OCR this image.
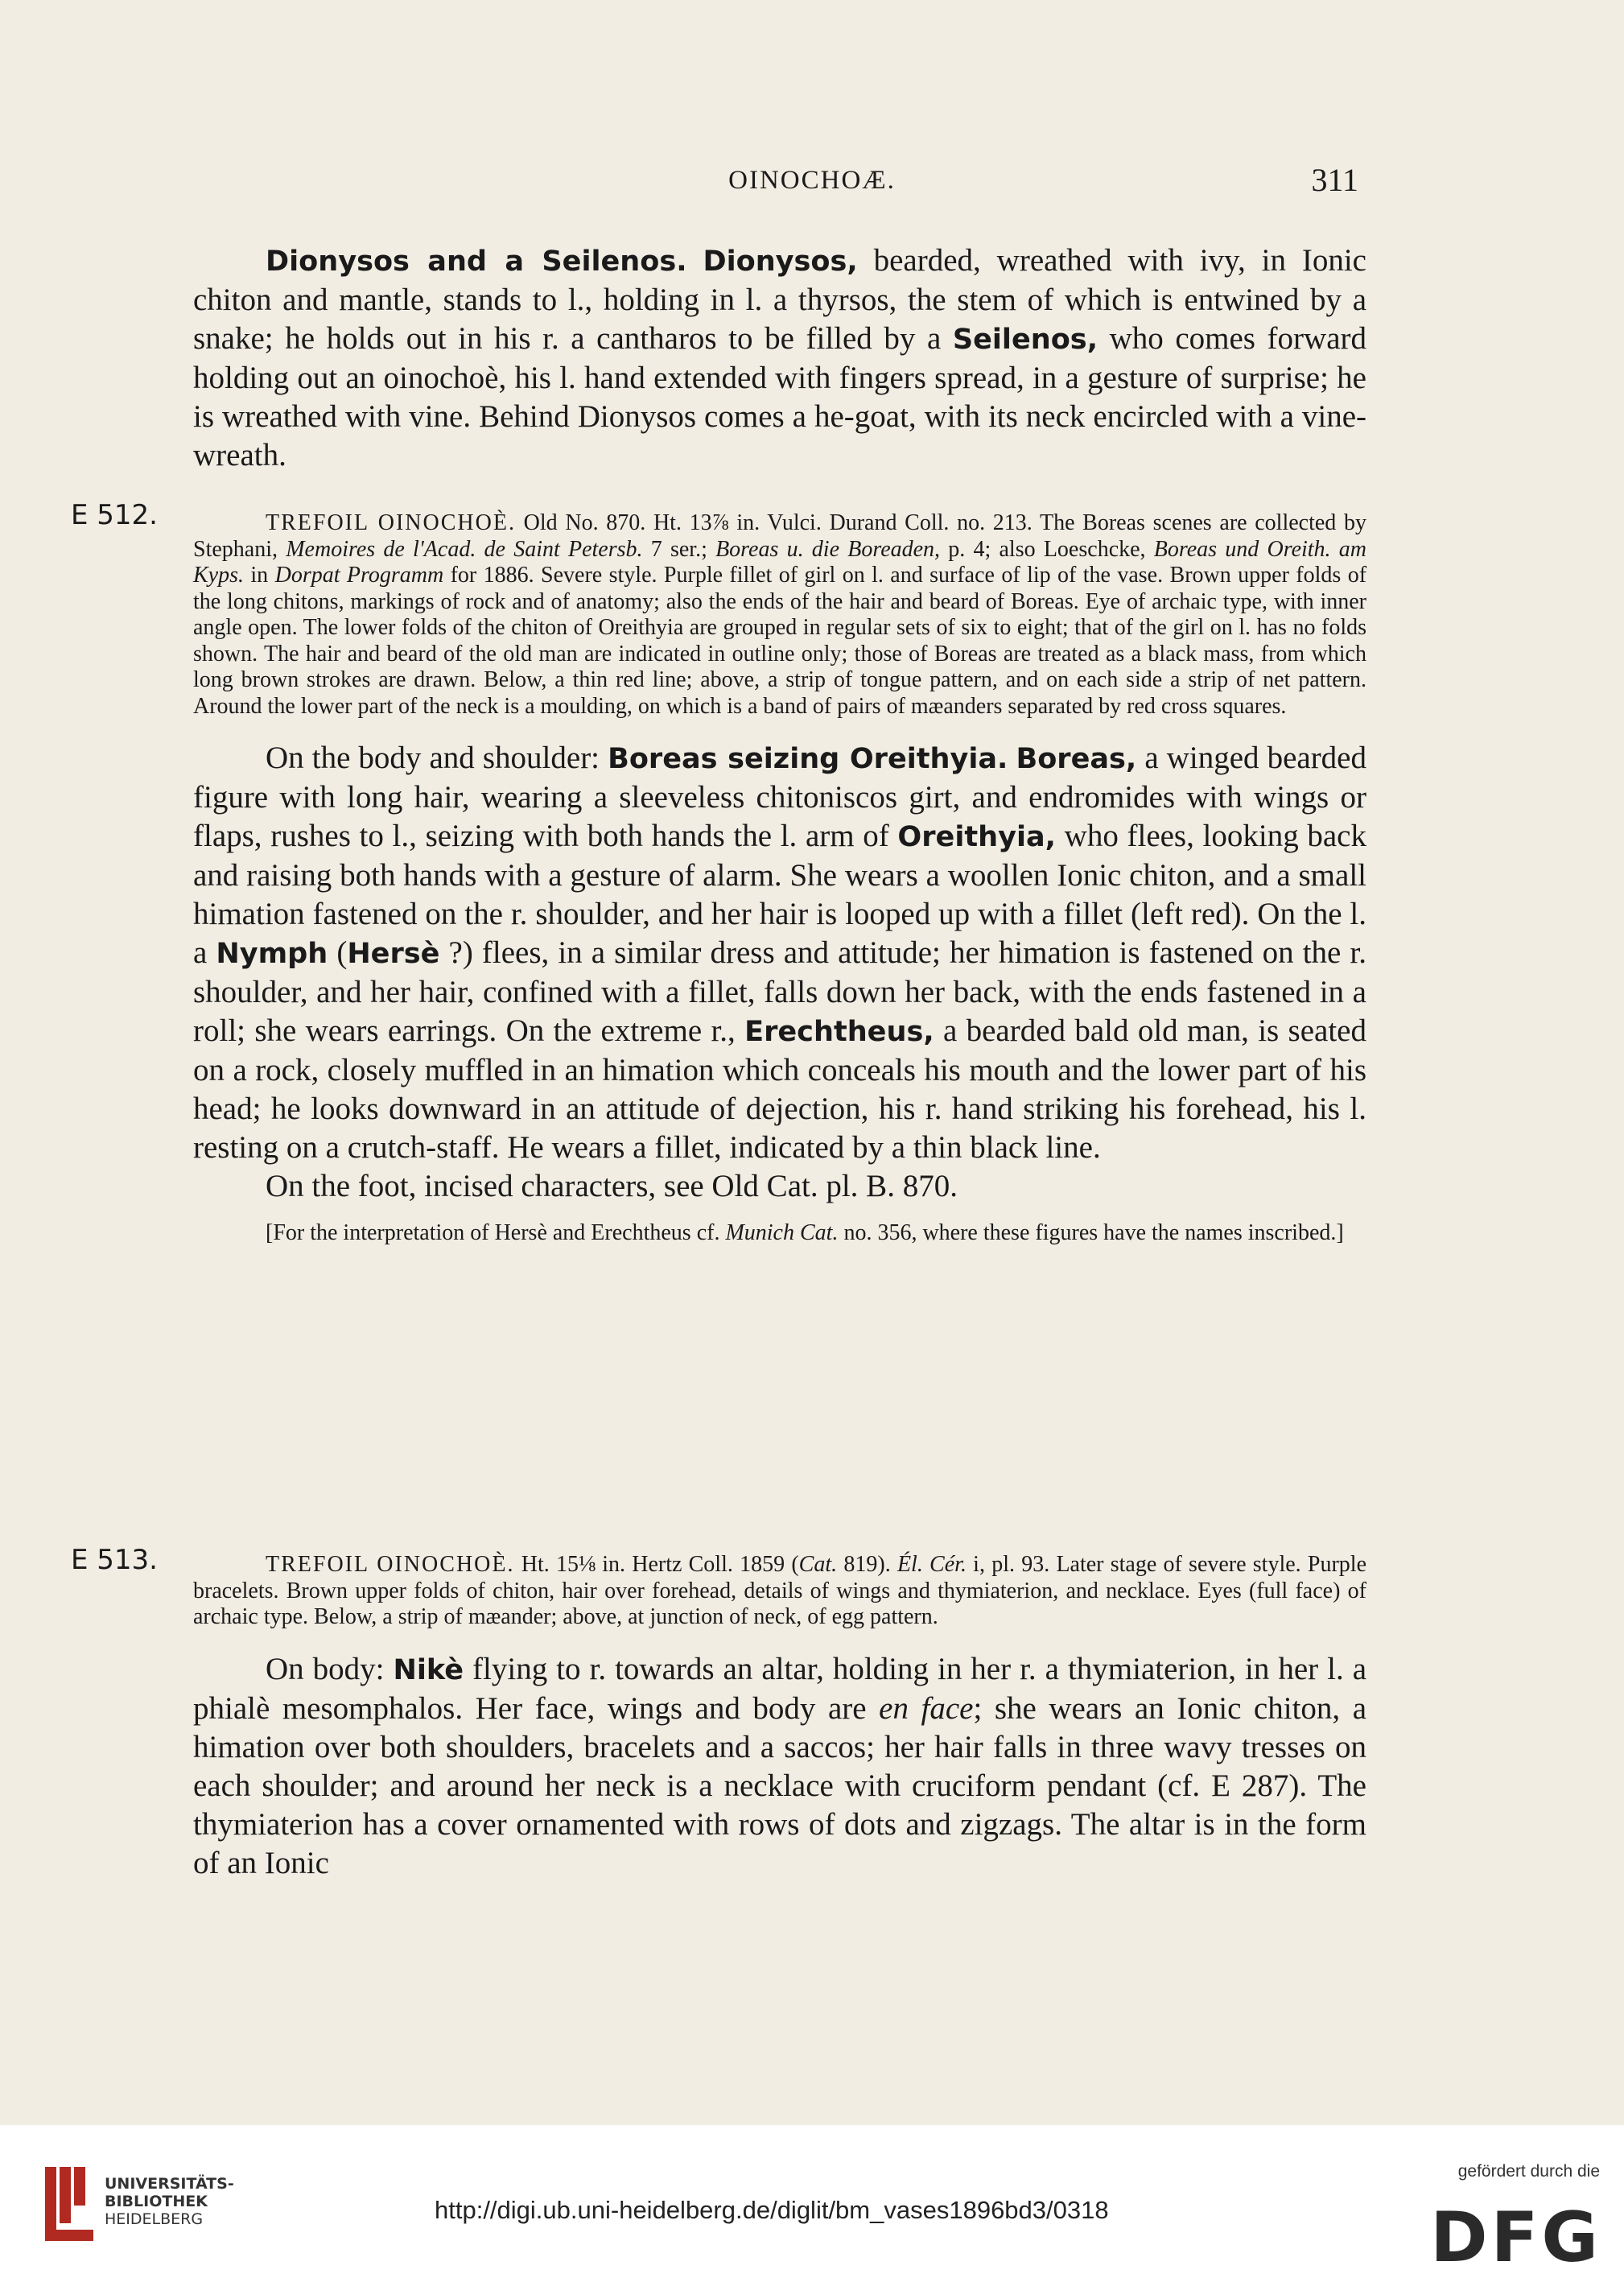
OINOCHOÆ.	311

Dionysos and a Seilenos. Dionysos, bearded, wreathed with ivy, in Ionic chiton and mantle, stands to l., holding in l. a thyrsos, the stem of which is entwined by a snake; he holds out in his r. a cantharos to be filled by a Seilenos, who comes forward holding out an oinochoè, his l. hand extended with fingers spread, in a gesture of surprise; he is wreathed with vine. Behind Dionysos comes a he-goat, with its neck encircled with a vine-wreath.

E 512.	TREFOIL OINOCHOÈ. Old No. 870. Ht. 13⅞ in. Vulci. Durand Coll. no. 213. The Boreas scenes are collected by Stephani, Memoires de l'Acad. de Saint Petersb. 7 ser.; Boreas u. die Boreaden, p. 4; also Loeschcke, Boreas und Oreith. am Kyps. in Dorpat Programm for 1886. Severe style. Purple fillet of girl on l. and surface of lip of the vase. Brown upper folds of the long chitons, markings of rock and of anatomy; also the ends of the hair and beard of Boreas. Eye of archaic type, with inner angle open. The lower folds of the chiton of Oreithyia are grouped in regular sets of six to eight; that of the girl on l. has no folds shown. The hair and beard of the old man are indicated in outline only; those of Boreas are treated as a black mass, from which long brown strokes are drawn. Below, a thin red line; above, a strip of tongue pattern, and on each side a strip of net pattern. Around the lower part of the neck is a moulding, on which is a band of pairs of mæanders separated by red cross squares.

On the body and shoulder: Boreas seizing Oreithyia. Boreas, a winged bearded figure with long hair, wearing a sleeveless chitoniscos girt, and endromides with wings or flaps, rushes to l., seizing with both hands the l. arm of Oreithyia, who flees, looking back and raising both hands with a gesture of alarm. She wears a woollen Ionic chiton, and a small himation fastened on the r. shoulder, and her hair is looped up with a fillet (left red). On the l. a Nymph (Hersè ?) flees, in a similar dress and attitude; her himation is fastened on the r. shoulder, and her hair, confined with a fillet, falls down her back, with the ends fastened in a roll; she wears earrings. On the extreme r., Erechtheus, a bearded bald old man, is seated on a rock, closely muffled in an himation which conceals his mouth and the lower part of his head; he looks downward in an attitude of dejection, his r. hand striking his forehead, his l. resting on a crutch-staff. He wears a fillet, indicated by a thin black line.

On the foot, incised characters, see Old Cat. pl. B. 870.

[For the interpretation of Hersè and Erechtheus cf. Munich Cat. no. 356, where these figures have the names inscribed.]

E 513.	TREFOIL OINOCHOÈ. Ht. 15⅛ in. Hertz Coll. 1859 (Cat. 819). Él. Cér. i, pl. 93. Later stage of severe style. Purple bracelets. Brown upper folds of chiton, hair over forehead, details of wings and thymiaterion, and necklace. Eyes (full face) of archaic type. Below, a strip of mæander; above, at junction of neck, of egg pattern.

On body: Nikè flying to r. towards an altar, holding in her r. a thymiaterion, in her l. a phialè mesomphalos. Her face, wings and body are en face; she wears an Ionic chiton, a himation over both shoulders, bracelets and a saccos; her hair falls in three wavy tresses on each shoulder; and around her neck is a necklace with cruciform pendant (cf. E 287). The thymiaterion has a cover ornamented with rows of dots and zigzags. The altar is in the form of an Ionic

UNIVERSITÄTS-
BIBLIOTHEK
HEIDELBERG	http://digi.ub.uni-heidelberg.de/diglit/bm_vases1896bd3/0318
gefördert durch die
DFG
